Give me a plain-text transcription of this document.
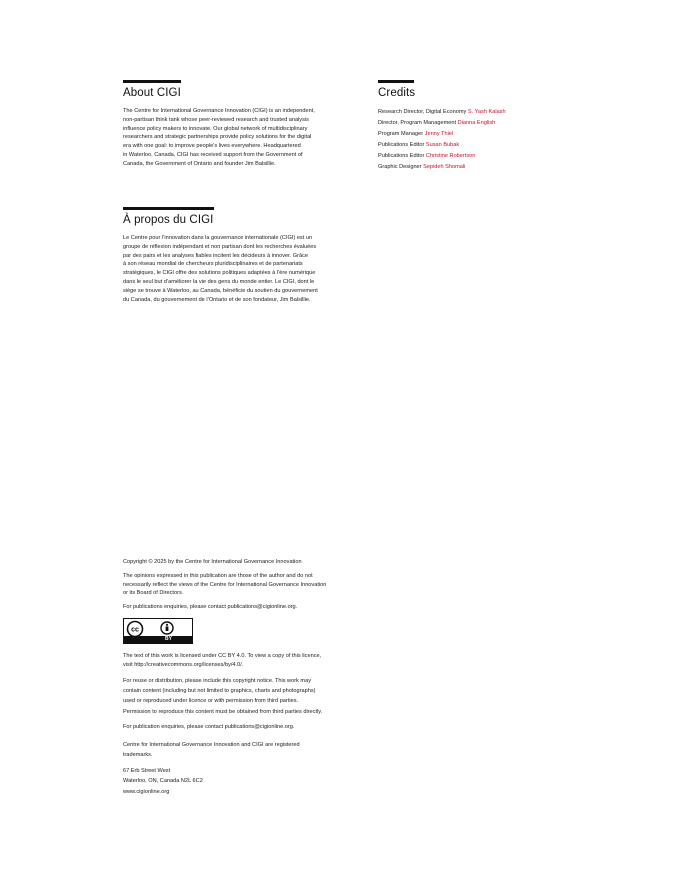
About CIGI

The Centre for International Governance Innovation (CIGI) is an independent,

non-partisan think tank whose peer-reviewed research and trusted analysis

influence policy makers to innovate. Our global network of multidisciplinary

researchers and strategic partnerships provide policy solutions for the digital

era with one goal: to improve people’s lives everywhere. Headquartered

in Waterloo, Canada, CIGI has received support from the Government of

Canada, the Government of Ontario and founder Jim Balsillie.

Credits
Research Director, Digital Economy S. Yash Kalash
Director, Program Management Dianna English
Program Manager Jenny Thiel
Publications Editor Susan Bubak
Publications Editor Christine Robertson
Graphic Designer Sepideh Shomali
À propos du CIGI

Le Centre pour l’innovation dans la gouvernance internationale (CIGI) est un

groupe de réflexion indépendant et non partisan dont les recherches évaluées

par des pairs et les analyses fiables incitent les décideurs à innover. Grâce

à son réseau mondial de chercheurs pluridisciplinaires et de partenariats

stratégiques, le CIGI offre des solutions politiques adaptées à l’ère numérique

dans le seul but d’améliorer la vie des gens du monde entier. Le CIGI, dont le

siège se trouve à Waterloo, au Canada, bénéficie du soutien du gouvernement

du Canada, du gouvernement de l’Ontario et de son fondateur, Jim Balsillie.

Copyright © 2025 by the Centre for International Governance Innovation

The opinions expressed in this publication are those of the author and do not

necessarily reflect the views of the Centre for International Governance Innovation

or its Board of Directors.

For publications enquiries, please contact publications@cigionline.org.

cc
BY

The text of this work is licensed under CC BY 4.0. To view a copy of this licence,

visit http://creativecommons.org/licenses/by/4.0/.

For reuse or distribution, please include this copyright notice. This work may

contain content (including but not limited to graphics, charts and photographs)

used or reproduced under licence or with permission from third parties.

Permission to reproduce this content must be obtained from third parties directly.

For publication enquiries, please contact publications@cigionline.org.

Centre for International Governance Innovation and CIGI are registered

trademarks.

67 Erb Street West

Waterloo, ON, Canada N2L 6C2

www.cigionline.org
